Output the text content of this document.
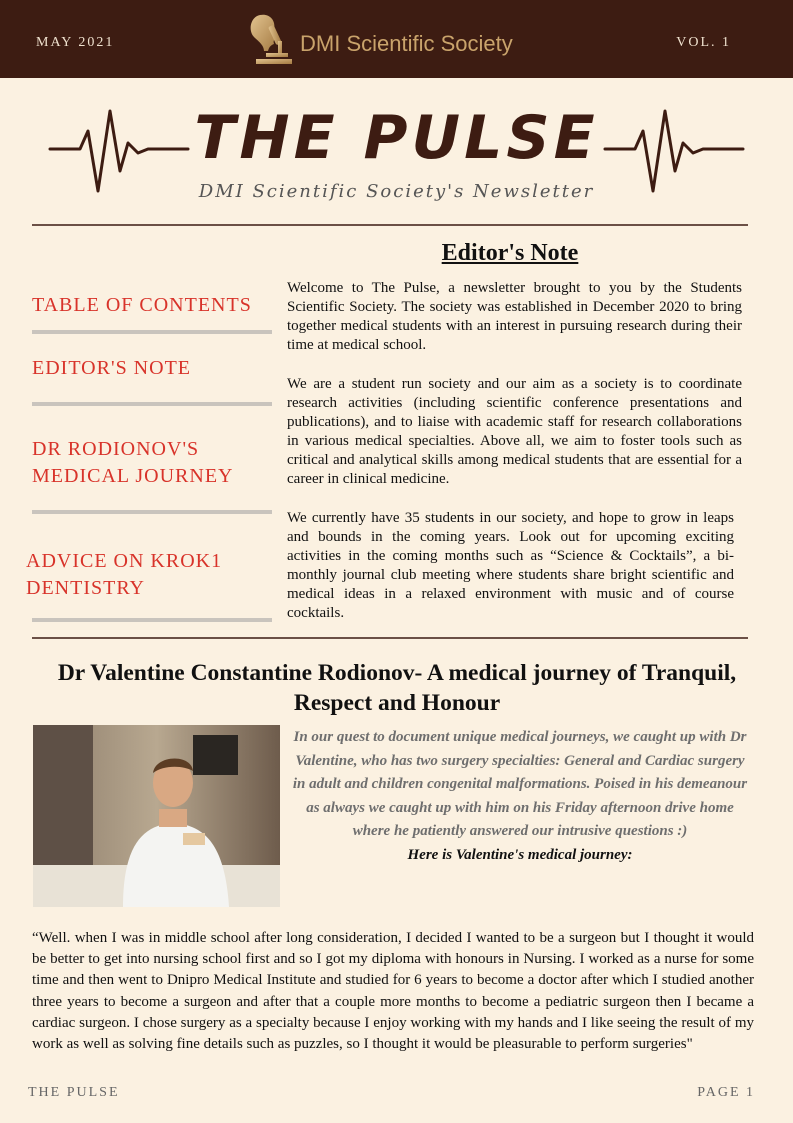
MAY 2021	DMI Scientific Society	VOL. 1
THE PULSE
DMI Scientific Society's Newsletter
TABLE OF CONTENTS
EDITOR'S NOTE
DR RODIONOV'S MEDICAL JOURNEY
ADVICE ON KROK1 DENTISTRY
Editor's Note

Welcome to The Pulse, a newsletter brought to you by the Students Scientific Society. The society was established in December 2020 to bring together medical students with an interest in pursuing research during their time at medical school.

We are a student run society and our aim as a society is to coordinate research activities (including scientific conference presentations and publications), and to liaise with academic staff for research collaborations in various medical specialties. Above all, we aim to foster tools such as critical and analytical skills among medical students that are essential for a career in clinical medicine.

We currently have 35 students in our society, and hope to grow in leaps and bounds in the coming years. Look out for upcoming exciting activities in the coming months such as “Science & Cocktails”, a bi-monthly journal club meeting where students share bright scientific and medical ideas in a relaxed environment with music and of course cocktails.

Dr Valentine Constantine Rodionov- A medical journey of Tranquil, Respect and Honour
In our quest to document unique medical journeys, we caught up with Dr Valentine, who has two surgery specialties: General and Cardiac surgery in adult and children congenital malformations. Poised in his demeanour as always we caught up with him on his Friday afternoon drive home where he patiently answered our intrusive questions :)
Here is Valentine's medical journey:
“Well. when I was in middle school after long consideration, I decided I wanted to be a surgeon but I thought it would be better to get into nursing school first and so I got my diploma with honours in Nursing. I worked as a nurse for some time and then went to Dnipro Medical Institute and studied for 6 years to become a doctor after which I studied another three years to become a surgeon and after that a couple more months to become a pediatric surgeon then I became a cardiac surgeon. I chose surgery as a specialty because I enjoy working with my hands and I like seeing the result of my work as well as solving fine details such as puzzles, so I thought it would be pleasurable to perform surgeries"
THE PULSE	PAGE 1
